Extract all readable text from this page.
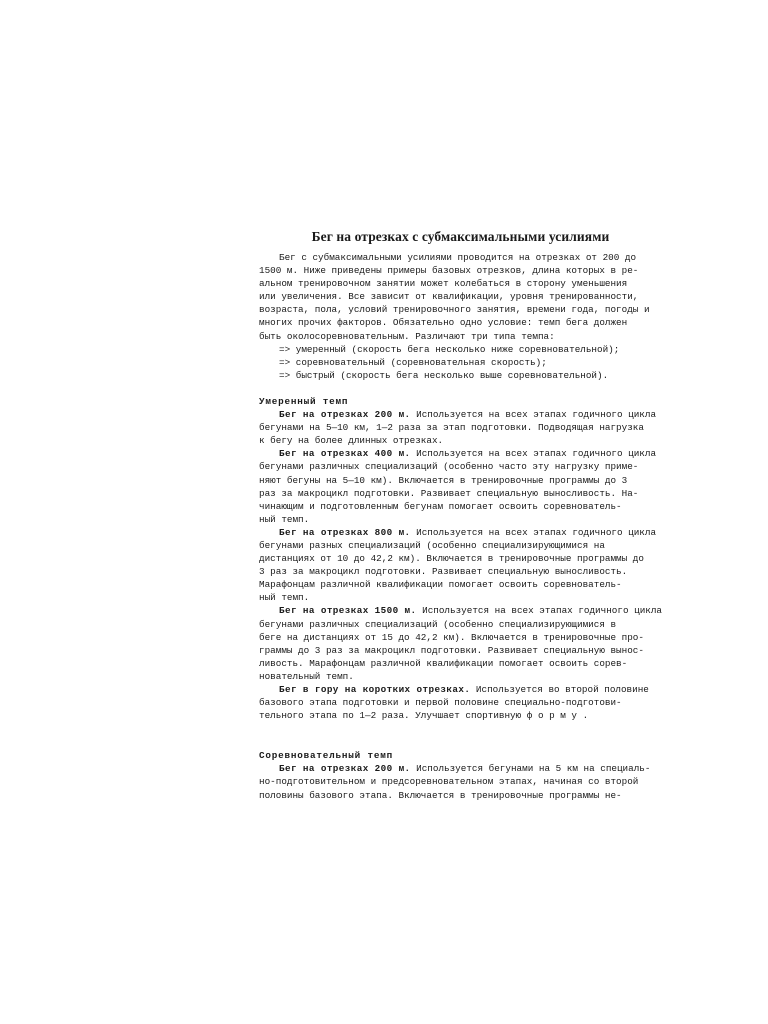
Бег на отрезках с субмаксимальными усилиями
Бег с субмаксимальными усилиями проводится на отрезках от 200 до
1500 м. Ниже приведены примеры базовых отрезков, длина которых в ре-
альном тренировочном занятии может колебаться в сторону уменьшения
или увеличения. Все зависит от квалификации, уровня тренированности,
возраста, пола, условий тренировочного занятия, времени года, погоды и
многих прочих факторов. Обязательно одно условие: темп бега должен
быть околосоревновательным. Различают три типа темпа:
=> умеренный (скорость бега несколько ниже соревновательной);
=> соревновательный (соревновательная скорость);
=> быстрый (скорость бега несколько выше соревновательной).
Умеренный темп
Бег на отрезках 200 м. Используется на всех этапах годичного цикла
бегунами на 5—10 км, 1—2 раза за этап подготовки. Подводящая нагрузка
к бегу на более длинных отрезках.
Бег на отрезках 400 м. Используется на всех этапах годичного цикла
бегунами различных специализаций (особенно часто эту нагрузку приме-
няют бегуны на 5—10 км). Включается в тренировочные программы до 3
раз за макроцикл подготовки. Развивает специальную выносливость. На-
чинающим и подготовленным бегунам помогает освоить соревнователь-
ный темп.
Бег на отрезках 800 м. Используется на всех этапах годичного цикла
бегунами разных специализаций (особенно специализирующимися на
дистанциях от 10 до 42,2 км). Включается в тренировочные программы до
3 раз за макроцикл подготовки. Развивает специальную выносливость.
Марафонцам различной квалификации помогает освоить соревнователь-
ный темп.
Бег на отрезках 1500 м. Используется на всех этапах годичного цикла
бегунами различных специализаций (особенно специализирующимися в
беге на дистанциях от 15 до 42,2 км). Включается в тренировочные про-
граммы до 3 раз за макроцикл подготовки. Развивает специальную вынос-
ливость. Марафонцам различной квалификации помогает освоить сорев-
новательный темп.
Бег в гору на коротких отрезках. Используется во второй половине
базового этапа подготовки и первой половине специально-подготови-
тельного этапа по 1—2 раза. Улучшает спортивную ф о р м у .
Соревновательный темп
Бег на отрезках 200 м. Используется бегунами на 5 км на специаль-
но-подготовительном и предсоревновательном этапах, начиная со второй
половины базового этапа. Включается в тренировочные программы не-
